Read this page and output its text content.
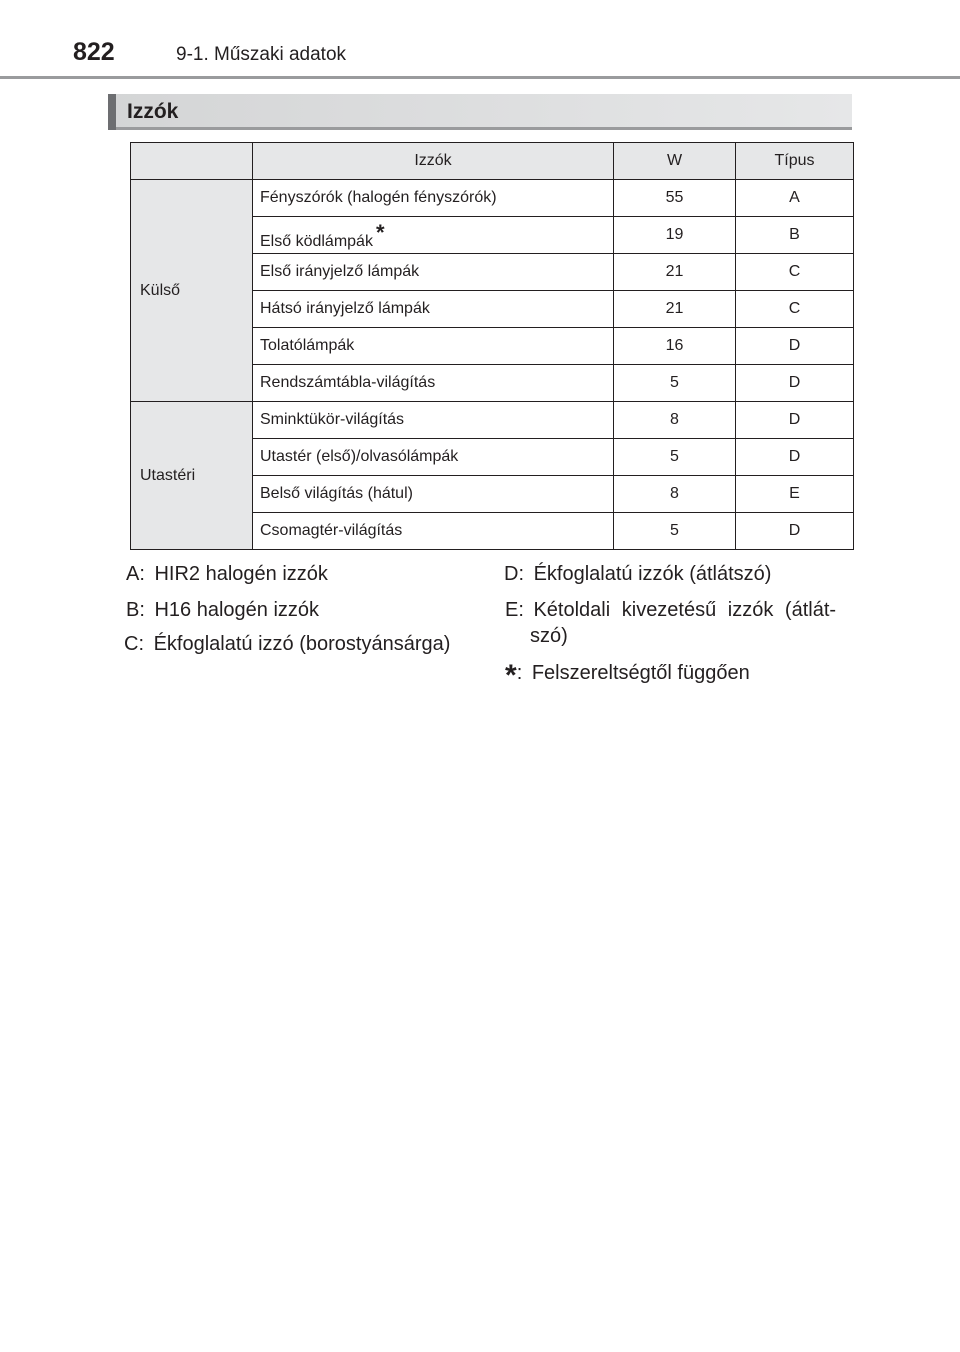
822	9-1. Műszaki adatok
Izzók
	Izzók	W	Típus
Külső	Fényszórók (halogén fényszórók)	55	A
	Első ködlámpák *	19	B
	Első irányjelző lámpák	21	C
	Hátsó irányjelző lámpák	21	C
	Tolatólámpák	16	D
	Rendszámtábla-világítás	5	D
Utastéri	Sminktükör-világítás	8	D
	Utastér (első)/olvasólámpák	5	D
	Belső világítás (hátul)	8	E
	Csomagtér-világítás	5	D
A: HIR2 halogén izzók
B: H16 halogén izzók
C: Ékfoglalatú izzó (borostyánsárga)
D: Ékfoglalatú izzók (átlátszó)
E: Kétoldali kivezetésű izzók (átlát-
szó)
*: Felszereltségtől függően
